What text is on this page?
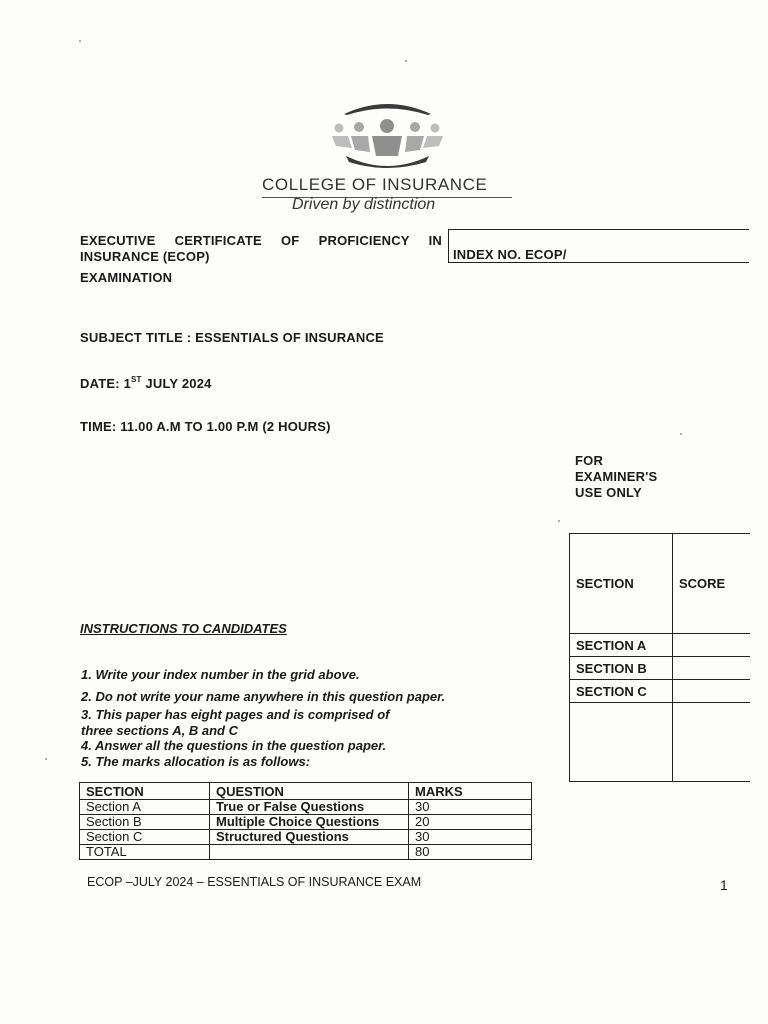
COLLEGE OF INSURANCE
Driven by distinction
EXECUTIVE CERTIFICATE OF PROFICIENCY IN
INSURANCE (ECOP)
EXAMINATION
INDEX NO. ECOP/
SUBJECT TITLE : ESSENTIALS OF INSURANCE
DATE: 1ST JULY 2024
TIME: 11.00 A.M TO 1.00 P.M (2 HOURS)
FOR
EXAMINER'S
USE ONLY
SECTION	SCORE
SECTION A	
SECTION B	
SECTION C	

INSTRUCTIONS TO CANDIDATES
1. Write your index number in the grid above.
2. Do not write your name anywhere in this question paper.
3. This paper has eight pages and is comprised of
three sections A, B and C
4. Answer all the questions in the question paper.
5. The marks allocation is as follows:
SECTION	QUESTION	MARKS
Section A	True or False Questions	30
Section B	Multiple Choice Questions	20
Section C	Structured Questions	30
TOTAL		80
ECOP –JULY 2024 – ESSENTIALS OF INSURANCE EXAM	1
